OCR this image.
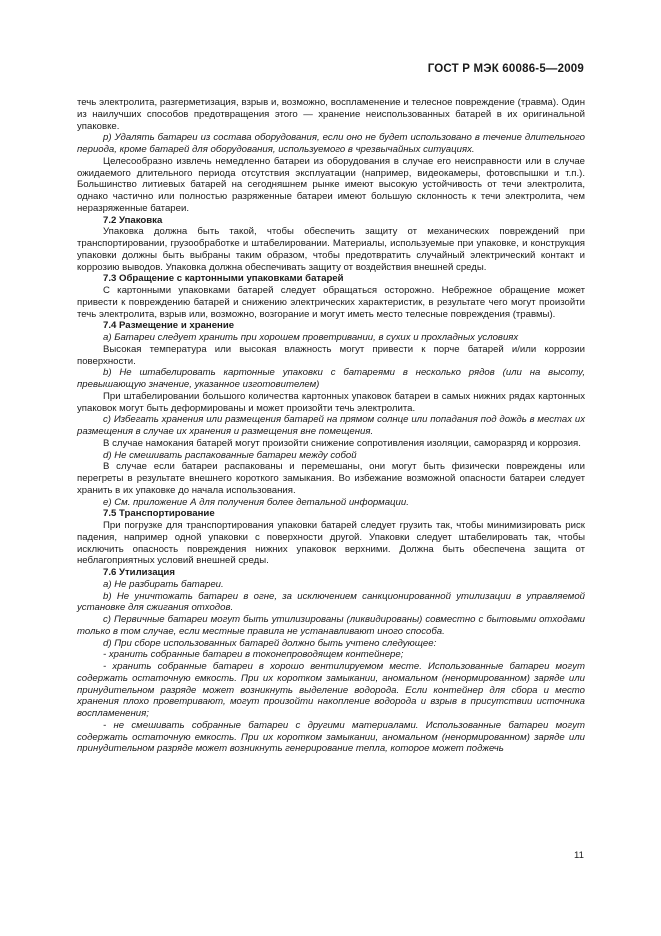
ГОСТ Р МЭК 60086-5—2009

течь электролита, разгерметизация, взрыв и, возможно, воспламенение и телесное повреждение (травма). Один из наилучших способов предотвращения этого — хранение неиспользованных батарей в их оригинальной упаковке.

p) Удалять батареи из состава оборудования, если оно не будет использовано в течение длительного периода, кроме батарей для оборудования, используемого в чрезвычайных ситуациях.

Целесообразно извлечь немедленно батареи из оборудования в случае его неисправности или в случае ожидаемого длительного периода отсутствия эксплуатации (например, видеокамеры, фотовспышки и т.п.). Большинство литиевых батарей на сегодняшнем рынке имеют высокую устойчивость от течи электролита, однако частично или полностью разряженные батареи имеют большую склонность к течи электролита, чем неразряженные батареи.

7.2 Упаковка

Упаковка должна быть такой, чтобы обеспечить защиту от механических повреждений при транспортировании, грузообработке и штабелировании. Материалы, используемые при упаковке, и конструкция упаковки должны быть выбраны таким образом, чтобы предотвратить случайный электрический контакт и коррозию выводов. Упаковка должна обеспечивать защиту от воздействия внешней среды.

7.3 Обращение с картонными упаковками батарей

С картонными упаковками батарей следует обращаться осторожно. Небрежное обращение может привести к повреждению батарей и снижению электрических характеристик, в результате чего могут произойти течь электролита, взрыв или, возможно, возгорание и могут иметь место телесные повреждения (травмы).

7.4 Размещение и хранение

a) Батареи следует хранить при хорошем проветривании, в сухих и прохладных условиях

Высокая температура или высокая влажность могут привести к порче батарей и/или коррозии поверхности.

b) Не штабелировать картонные упаковки с батареями в несколько рядов (или на высоту, превышающую значение, указанное изготовителем)

При штабелировании большого количества картонных упаковок батареи в самых нижних рядах картонных упаковок могут быть деформированы и может произойти течь электролита.

c) Избегать хранения или размещения батарей на прямом солнце или попадания под дождь в местах их размещения в случае их хранения и размещения вне помещения.

В случае намокания батарей могут произойти снижение сопротивления изоляции, саморазряд и коррозия.

d) Не смешивать распакованные батареи между собой

В случае если батареи распакованы и перемешаны, они могут быть физически повреждены или перегреты в результате внешнего короткого замыкания. Во избежание возможной опасности батареи следует хранить в их упаковке до начала использования.

e) См. приложение А для получения более детальной информации.

7.5 Транспортирование

При погрузке для транспортирования упаковки батарей следует грузить так, чтобы минимизировать риск падения, например одной упаковки с поверхности другой. Упаковки следует штабелировать так, чтобы исключить опасность повреждения нижних упаковок верхними. Должна быть обеспечена защита от неблагоприятных условий внешней среды.

7.6 Утилизация

a) Не разбирать батареи.

b) Не уничтожать батареи в огне, за исключением санкционированной утилизации в управляемой установке для сжигания отходов.

c) Первичные батареи могут быть утилизированы (ликвидированы) совместно с бытовыми отходами только в том случае, если местные правила не устанавливают иного способа.

d) При сборе использованных батарей должно быть учтено следующее:

- хранить собранные батареи в токонепроводящем контейнере;

- хранить собранные батареи в хорошо вентилируемом месте. Использованные батареи могут содержать остаточную емкость. При их коротком замыкании, аномальном (ненормированном) заряде или принудительном разряде может возникнуть выделение водорода. Если контейнер для сбора и место хранения плохо проветривают, могут произойти накопление водорода и взрыв в присутствии источника воспламенения;

- не смешивать собранные батареи с другими материалами. Использованные батареи могут содержать остаточную емкость. При их коротком замыкании, аномальном (ненормированном) заряде или принудительном разряде может возникнуть генерирование тепла, которое может поджечь

11
